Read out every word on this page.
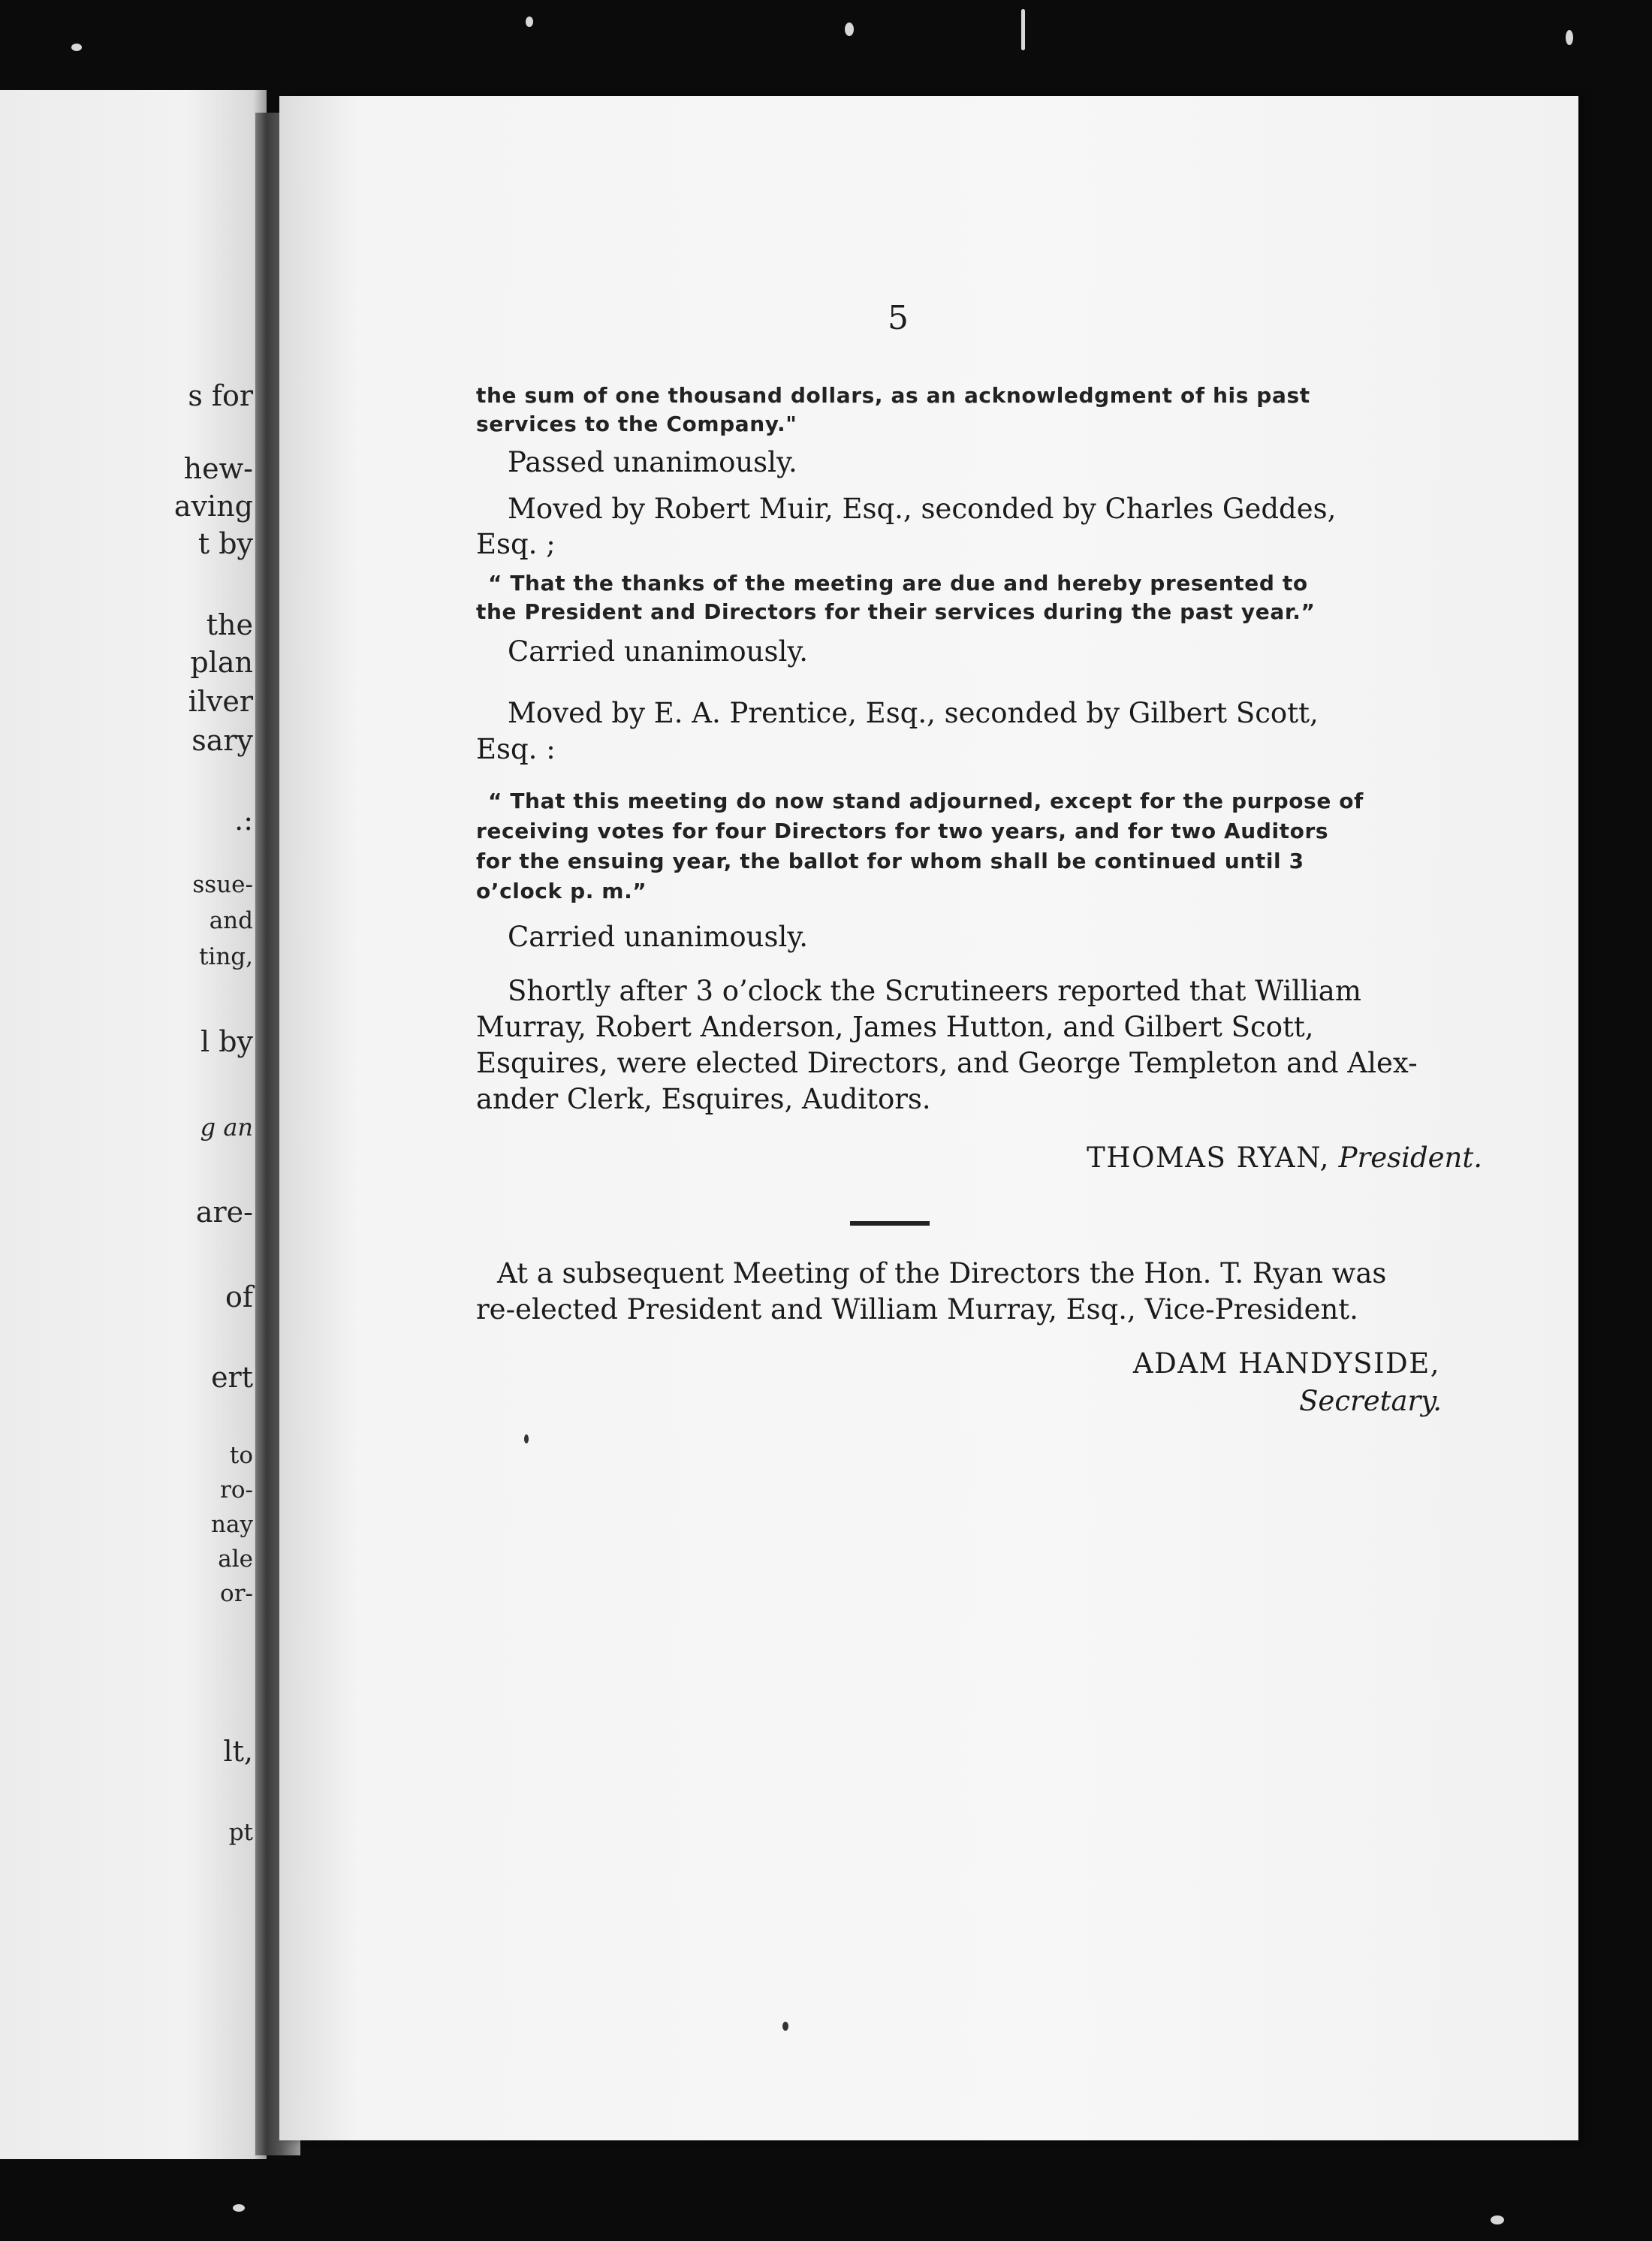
s for
hew-
aving
t by
the
plan
ilver
sary
.:
ssue-
and
ting,
l by
g an
are-
of
ert
to
ro-
nay
ale
or-
lt,
pt
5
the sum of one thousand dollars, as an acknowledgment of his past
services to the Company."
Passed unanimously.
Moved by Robert Muir, Esq., seconded by Charles Geddes,
Esq. ;
“ That the thanks of the meeting are due and hereby presented to
the President and Directors for their services during the past year.”
Carried unanimously.
Moved by E. A. Prentice, Esq., seconded by Gilbert Scott,
Esq. :
“ That this meeting do now stand adjourned, except for the purpose of
receiving votes for four Directors for two years, and for two Auditors
for the ensuing year, the ballot for whom shall be continued until 3
o’clock p. m.”
Carried unanimously.
Shortly after 3 o’clock the Scrutineers reported that William
Murray, Robert Anderson, James Hutton, and Gilbert Scott,
Esquires, were elected Directors, and George Templeton and Alex-
ander Clerk, Esquires, Auditors.
THOMAS RYAN, President.
At a subsequent Meeting of the Directors the Hon. T. Ryan was
re-elected President and William Murray, Esq., Vice-President.
ADAM HANDYSIDE,
Secretary.
